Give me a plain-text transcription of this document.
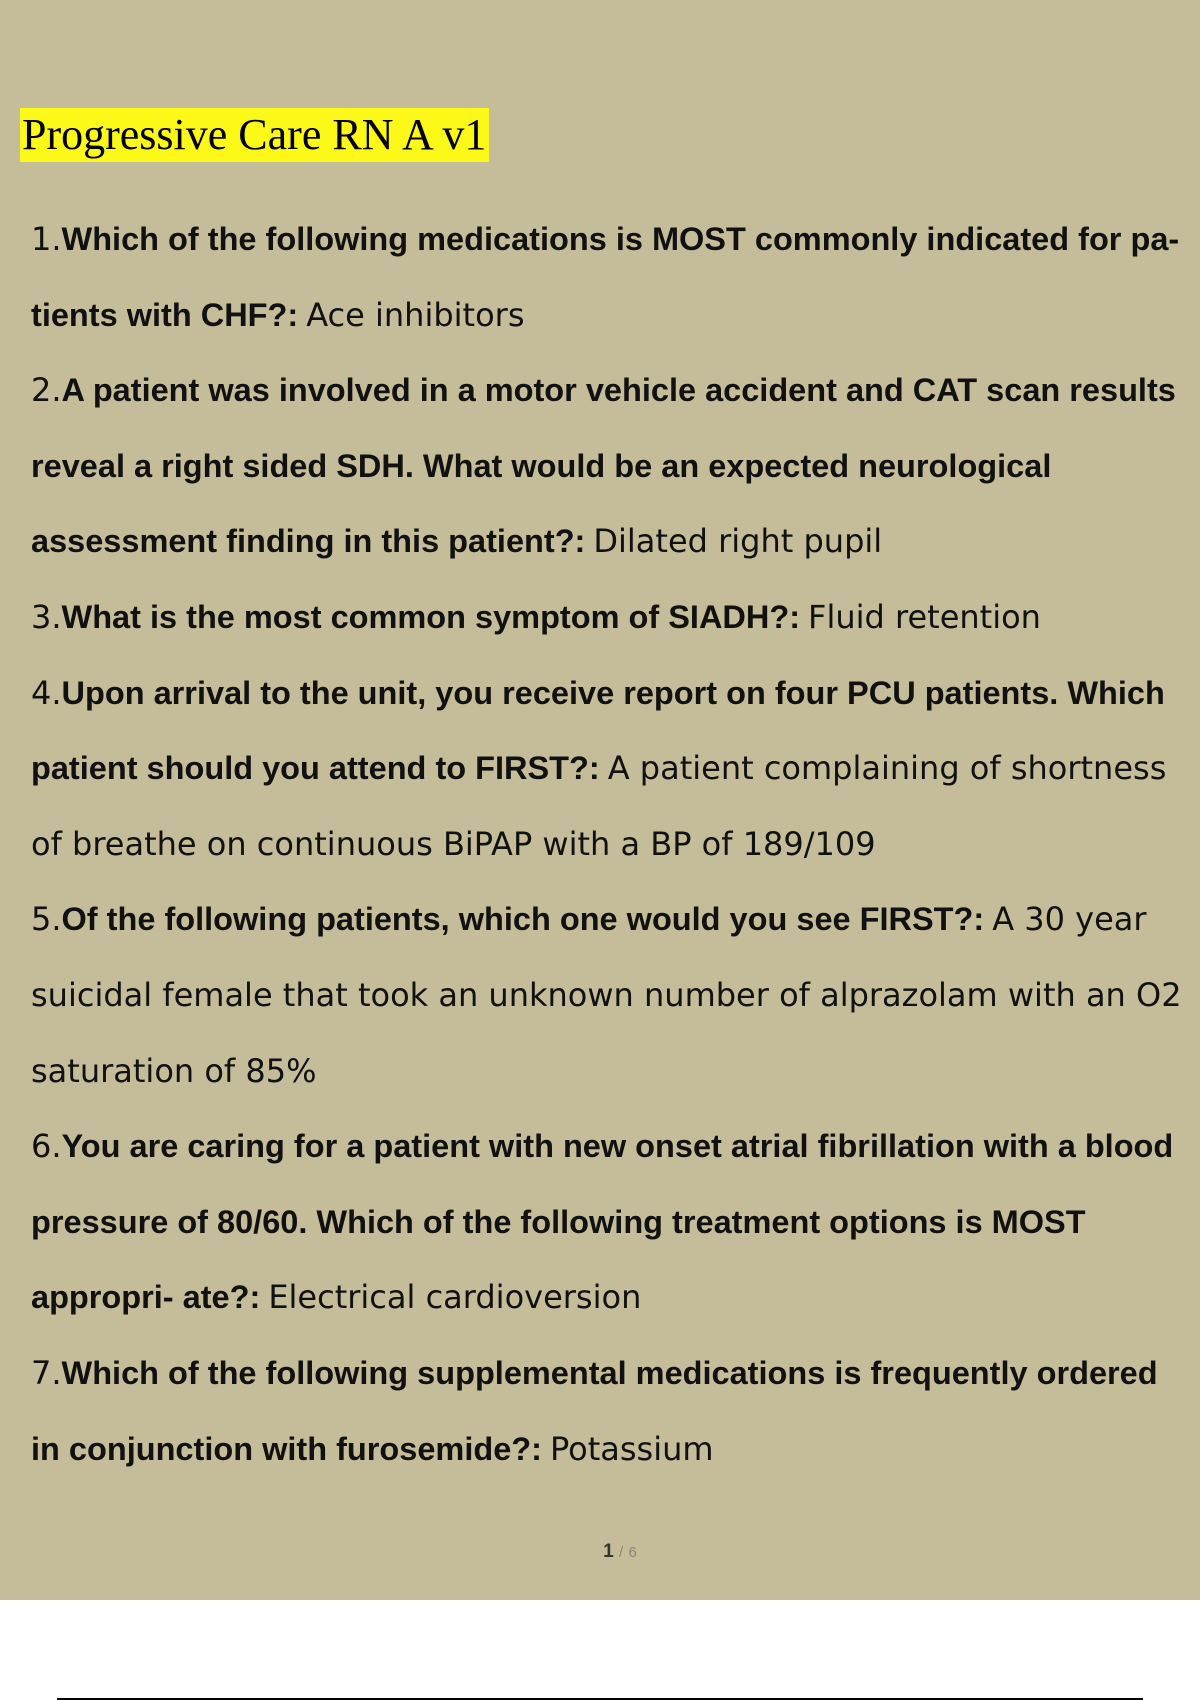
Progressive Care RN A v1
1.Which of the following medications is MOST commonly indicated for pa- tients with CHF?: Ace inhibitors
2.A patient was involved in a motor vehicle accident and CAT scan results reveal a right sided SDH. What would be an expected neurological assessment finding in this patient?: Dilated right pupil
3.What is the most common symptom of SIADH?: Fluid retention
4.Upon arrival to the unit, you receive report on four PCU patients. Which patient should you attend to FIRST?: A patient complaining of shortness of breathe on continuous BiPAP with a BP of 189/109
5.Of the following patients, which one would you see FIRST?: A 30 year suicidal female that took an unknown number of alprazolam with an O2 saturation of 85%
6.You are caring for a patient with new onset atrial fibrillation with a blood pressure of 80/60. Which of the following treatment options is MOST appropri- ate?: Electrical cardioversion
7.Which of the following supplemental medications is frequently ordered in conjunction with furosemide?: Potassium
1 / 6
